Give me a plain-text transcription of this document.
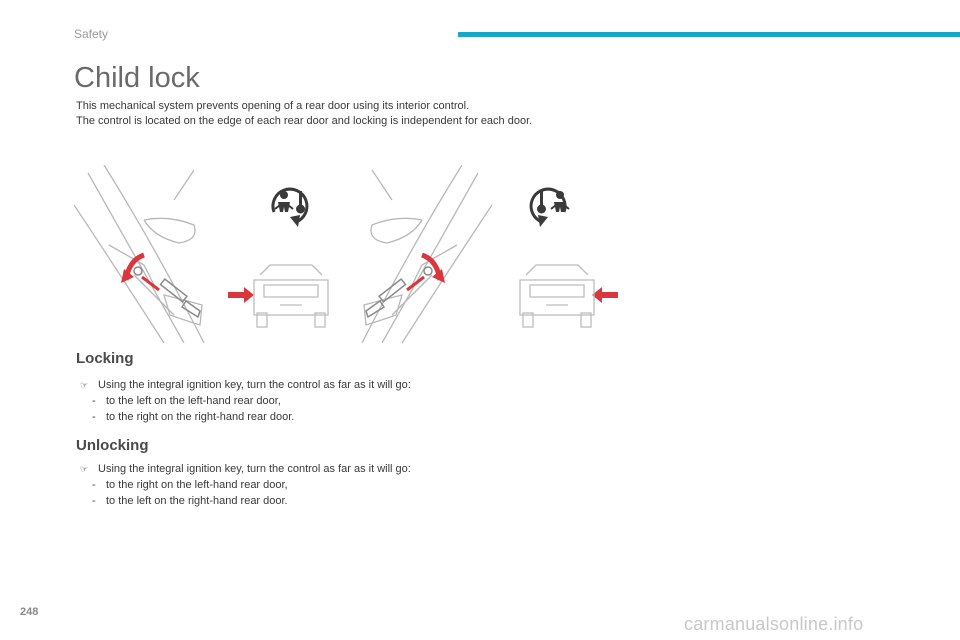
Safety
Child lock

This mechanical system prevents opening of a rear door using its interior control.

The control is located on the edge of each rear door and locking is independent for each door.

Locking
☞ Using the integral ignition key, turn the control as far as it will go:
- to the left on the left-hand rear door,
- to the right on the right-hand rear door.
Unlocking
☞ Using the integral ignition key, turn the control as far as it will go:
- to the right on the left-hand rear door,
- to the left on the right-hand rear door.
248
carmanualsonline.info
